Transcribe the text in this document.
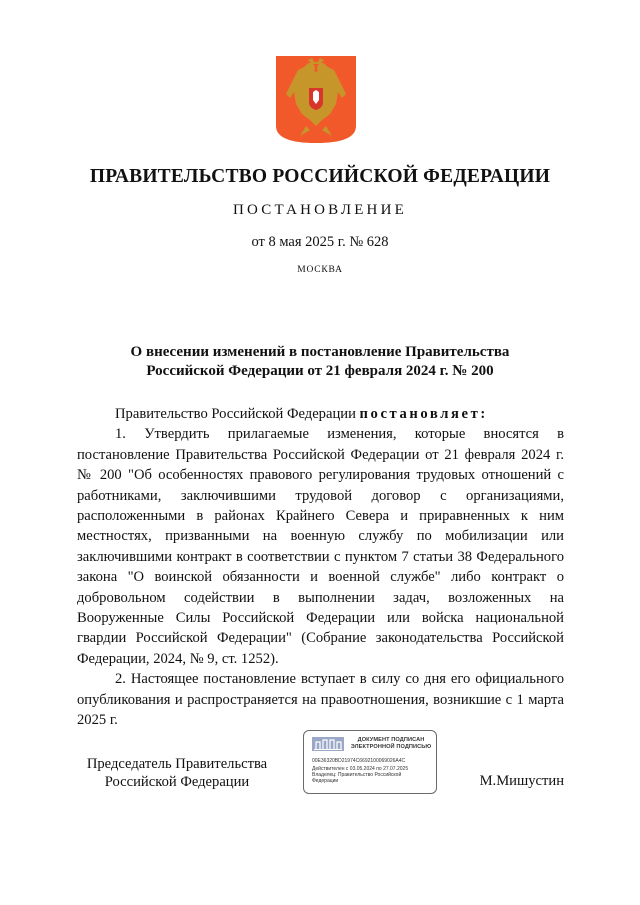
ПРАВИТЕЛЬСТВО РОССИЙСКОЙ ФЕДЕРАЦИИ
ПОСТАНОВЛЕНИЕ
от 8 мая 2025 г. № 628
МОСКВА
О внесении изменений в постановление Правительства
Российской Федерации от 21 февраля 2024 г. № 200

Правительство Российской Федерации постановляет:

1. Утвердить прилагаемые изменения, которые вносятся в постановление Правительства Российской Федерации от 21 февраля 2024 г. № 200 "Об особенностях правового регулирования трудовых отношений с работниками, заключившими трудовой договор с организациями, расположенными в районах Крайнего Севера и приравненных к ним местностях, призванными на военную службу по мобилизации или заключившими контракт в соответствии с пунктом 7 статьи 38 Федерального закона "О воинской обязанности и военной службе" либо контракт о добровольном содействии в выполнении задач, возложенных на Вооруженные Силы Российской Федерации или войска национальной гвардии Российской Федерации" (Собрание законодательства Российской Федерации, 2024, № 9, ст. 1252).

2. Настоящее постановление вступает в силу со дня его официального опубликования и распространяется на правоотношения, возникшие с 1 марта 2025 г.

Председатель Правительства
Российской Федерации
ДОКУМЕНТ ПОДПИСАН
ЭЛЕКТРОННОЙ ПОДПИСЬЮ
00E36320BD21974C6692100069026A4C
Действителен с 03.05.2024 по 27.07.2025
Владелец: Правительство Российской
Федерации	М.Мишустин
